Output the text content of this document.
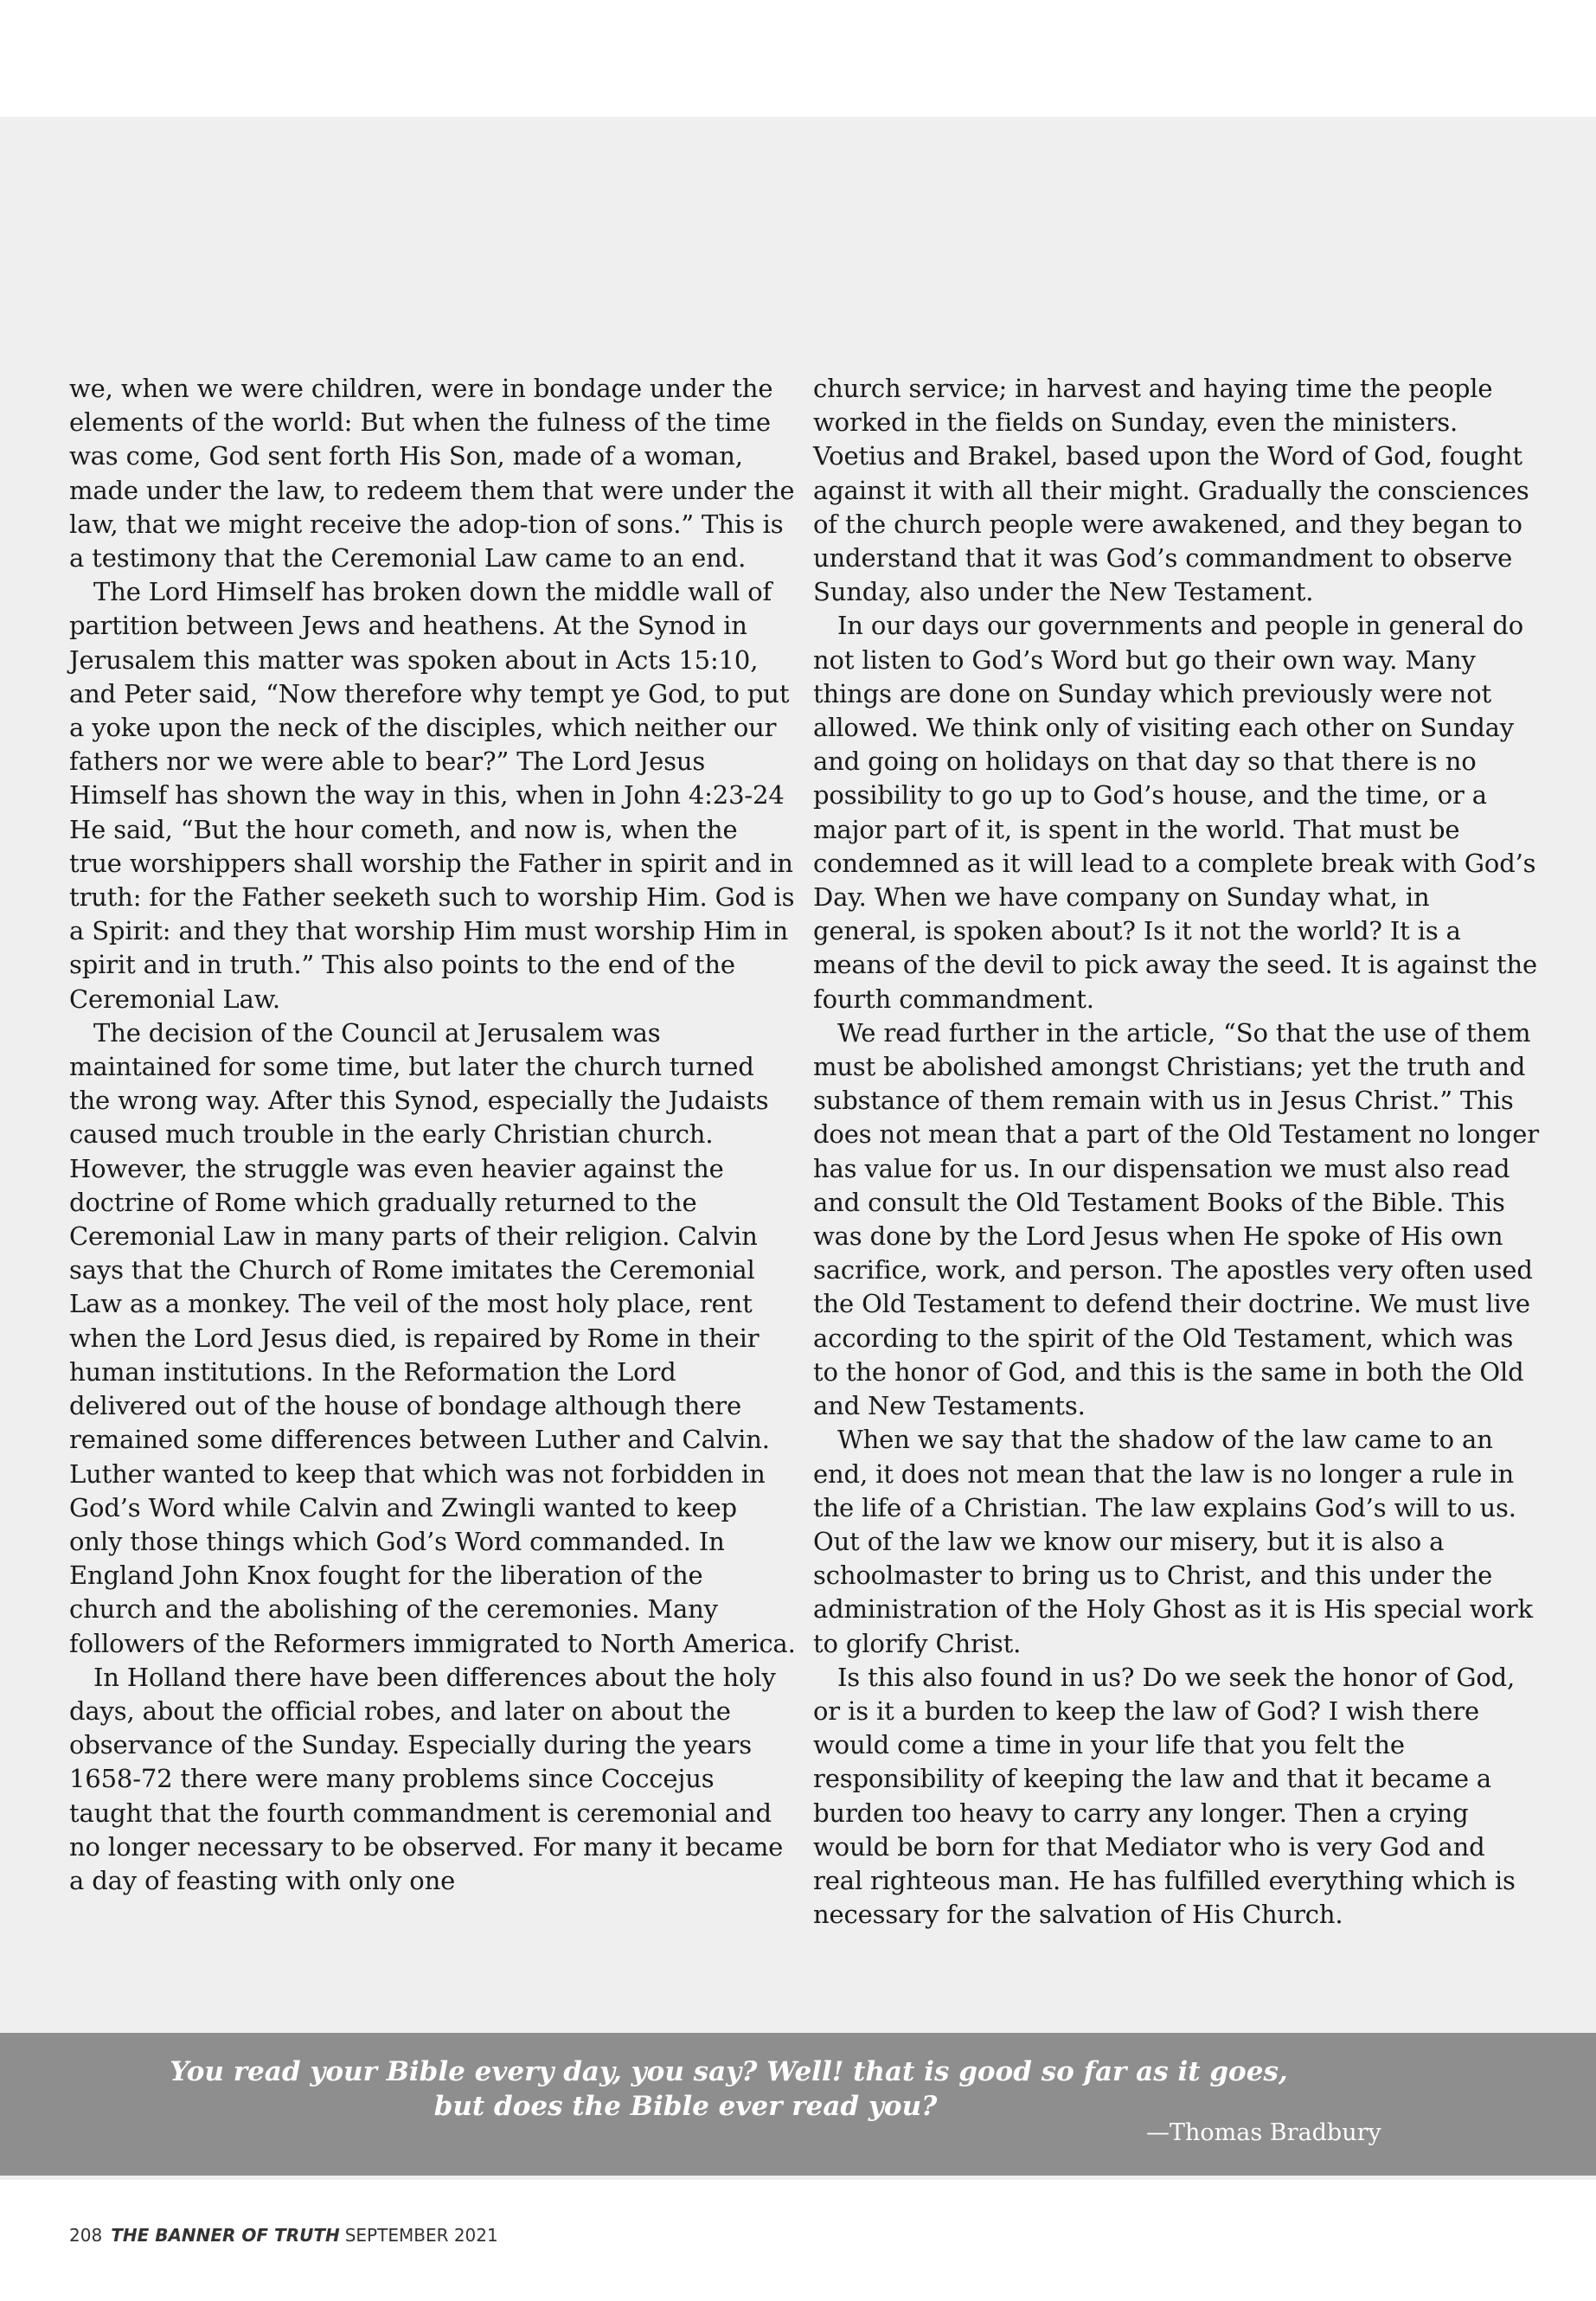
we, when we were children, were in bondage under the elements of the world: But when the fulness of the time was come, God sent forth His Son, made of a woman, made under the law, to redeem them that were under the law, that we might receive the adop-tion of sons.” This is a testimony that the Ceremonial Law came to an end.

The Lord Himself has broken down the middle wall of partition between Jews and heathens. At the Synod in Jerusalem this matter was spoken about in Acts 15:10, and Peter said, “Now therefore why tempt ye God, to put a yoke upon the neck of the disciples, which neither our fathers nor we were able to bear?” The Lord Jesus Himself has shown the way in this, when in John 4:23-24 He said, “But the hour cometh, and now is, when the true worshippers shall worship the Father in spirit and in truth: for the Father seeketh such to worship Him. God is a Spirit: and they that worship Him must worship Him in spirit and in truth.” This also points to the end of the Ceremonial Law.

The decision of the Council at Jerusalem was maintained for some time, but later the church turned the wrong way. After this Synod, especially the Judaists caused much trouble in the early Christian church. However, the struggle was even heavier against the doctrine of Rome which gradually returned to the Ceremonial Law in many parts of their religion. Calvin says that the Church of Rome imitates the Ceremonial Law as a monkey. The veil of the most holy place, rent when the Lord Jesus died, is repaired by Rome in their human institutions. In the Reformation the Lord delivered out of the house of bondage although there remained some differences between Luther and Calvin. Luther wanted to keep that which was not forbidden in God’s Word while Calvin and Zwingli wanted to keep only those things which God’s Word commanded. In England John Knox fought for the liberation of the church and the abolishing of the ceremonies. Many followers of the Reformers immigrated to North America.

In Holland there have been differences about the holy days, about the official robes, and later on about the observance of the Sunday. Especially during the years 1658-72 there were many problems since Coccejus taught that the fourth commandment is ceremonial and no longer necessary to be observed. For many it became a day of feasting with only one

church service; in harvest and haying time the people worked in the fields on Sunday, even the ministers. Voetius and Brakel, based upon the Word of God, fought against it with all their might. Gradually the consciences of the church people were awakened, and they began to understand that it was God’s commandment to observe Sunday, also under the New Testament.

In our days our governments and people in general do not listen to God’s Word but go their own way. Many things are done on Sunday which previously were not allowed. We think only of visiting each other on Sunday and going on holidays on that day so that there is no possibility to go up to God’s house, and the time, or a major part of it, is spent in the world. That must be condemned as it will lead to a complete break with God’s Day. When we have company on Sunday what, in general, is spoken about? Is it not the world? It is a means of the devil to pick away the seed. It is against the fourth commandment.

We read further in the article, “So that the use of them must be abolished amongst Christians; yet the truth and substance of them remain with us in Jesus Christ.” This does not mean that a part of the Old Testament no longer has value for us. In our dispensation we must also read and consult the Old Testament Books of the Bible. This was done by the Lord Jesus when He spoke of His own sacrifice, work, and person. The apostles very often used the Old Testament to defend their doctrine. We must live according to the spirit of the Old Testament, which was to the honor of God, and this is the same in both the Old and New Testaments.

When we say that the shadow of the law came to an end, it does not mean that the law is no longer a rule in the life of a Christian. The law explains God’s will to us. Out of the law we know our misery, but it is also a schoolmaster to bring us to Christ, and this under the administration of the Holy Ghost as it is His special work to glorify Christ.

Is this also found in us? Do we seek the honor of God, or is it a burden to keep the law of God? I wish there would come a time in your life that you felt the responsibility of keeping the law and that it became a burden too heavy to carry any longer. Then a crying would be born for that Mediator who is very God and real righteous man. He has fulfilled everything which is necessary for the salvation of His Church.

You read your Bible every day, you say? Well! that is good so far as it goes,
but does the Bible ever read you?
—Thomas Bradbury
208 THE BANNER OF TRUTH SEPTEMBER 2021
